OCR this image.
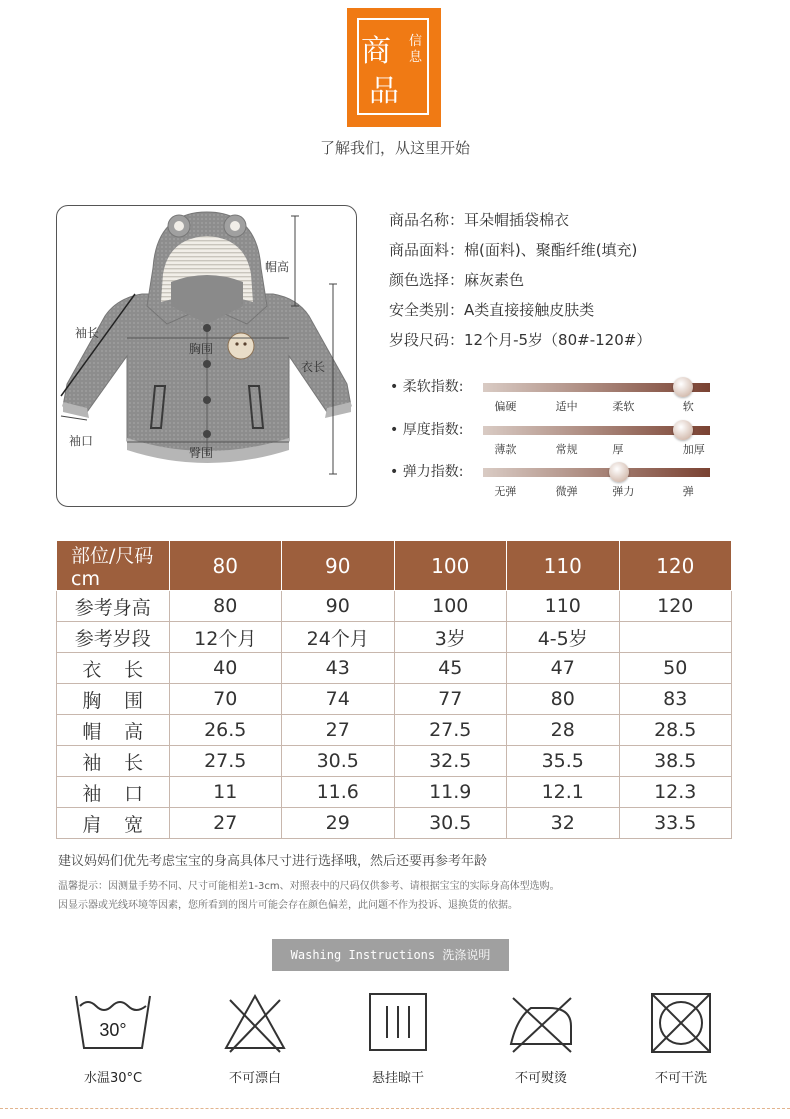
商
品
信息
了解我们，从这里开始
帽高
袖长
胸围
衣长
袖口
臀围
商品名称：耳朵帽插袋棉衣
商品面料：棉(面料)、聚酯纤维(填充)
颜色选择：麻灰素色
安全类别：A类直接接触皮肤类
岁段尺码：12个月-5岁（80#-120#）
• 柔软指数:
偏硬	适中	柔软	软
• 厚度指数:
薄款	常规	厚	加厚
• 弹力指数:
无弹	微弹	弹力	弹
部位/尺码cm	80	90	100	110	120
参考身高	80	90	100	110	120
参考岁段	12个月	24个月	3岁	4-5岁	
衣长	40	43	45	47	50
胸围	70	74	77	80	83
帽高	26.5	27	27.5	28	28.5
袖长	27.5	30.5	32.5	35.5	38.5
袖口	11	11.6	11.9	12.1	12.3
肩宽	27	29	30.5	32	33.5
建议妈妈们优先考虑宝宝的身高具体尺寸进行选择哦，然后还要再参考年龄
温馨提示：因测量手势不同、尺寸可能相差1-3cm、对照表中的尺码仅供参考、请根据宝宝的实际身高体型选购。
因显示器或光线环境等因素，您所看到的图片可能会存在颜色偏差，此问题不作为投诉、退换货的依据。
Washing Instructions 洗涤说明
30°
水温30°C	不可漂白	悬挂晾干	不可熨烫	不可干洗
